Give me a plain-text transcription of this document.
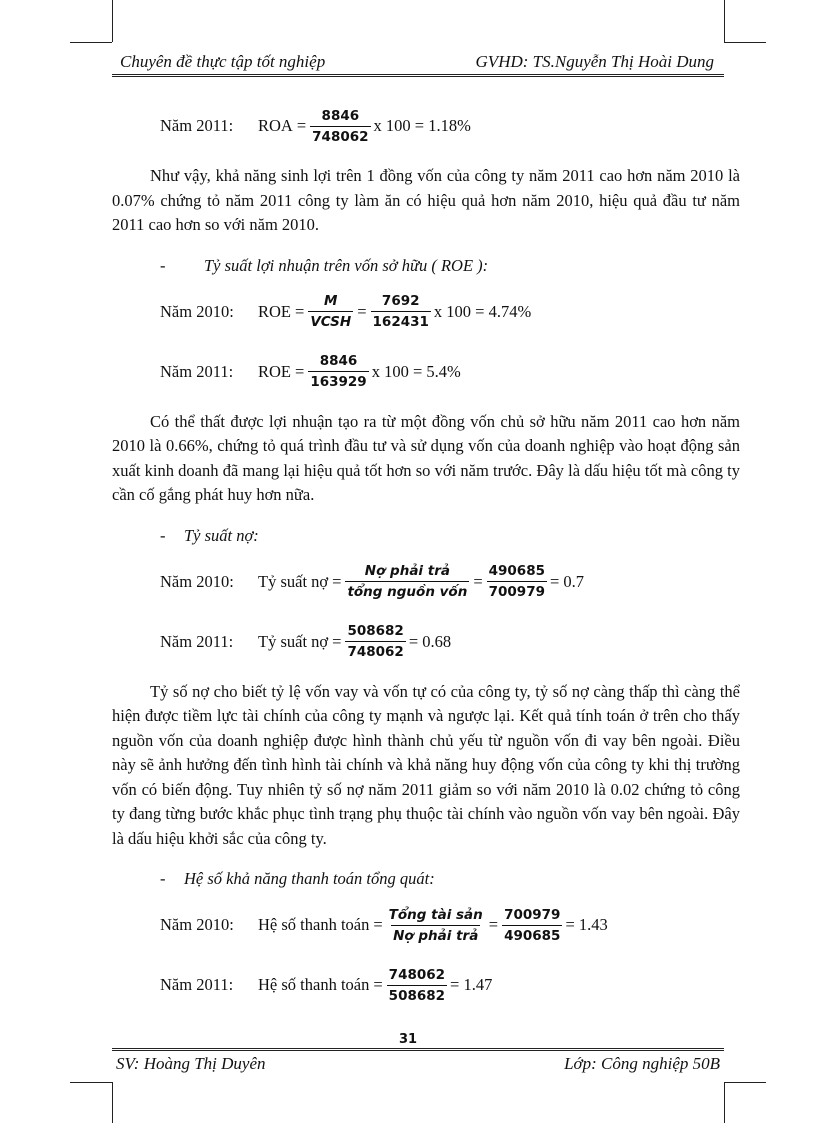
Chuyên đề thực tập tốt nghiệp	GVHD: TS.Nguyễn Thị Hoài Dung
Năm 2011:	ROA = $\frac{8846}{748062}$ x 100 = 1.18%

Như vậy, khả năng sinh lợi trên 1 đồng vốn của công ty năm 2011 cao hơn năm 2010 là 0.07% chứng tỏ năm 2011 công ty làm ăn có hiệu quả hơn năm 2010, hiệu quả đầu tư năm 2011 cao hơn so với năm 2010.

-	Tỷ suất lợi nhuận trên vốn sở hữu ( ROE ):
Năm 2010:	ROE = $\frac{M}{\text{VCSH}} = \frac{7692}{162431}$ x 100 = 4.74%
Năm 2011:	ROE = $\frac{8846}{163929}$ x 100 = 5.4%

Có thể thất được lợi nhuận tạo ra từ một đồng vốn chủ sở hữu năm 2011 cao hơn năm 2010 là 0.66%, chứng tỏ quá trình đầu tư và sử dụng vốn của doanh nghiệp vào hoạt động sản xuất kinh doanh đã mang lại hiệu quả tốt hơn so với năm trước. Đây là dấu hiệu tốt mà công ty cần cố gắng phát huy hơn nữa.

-	Tỷ suất nợ:
Năm 2010:	Tỷ suất nợ = $\frac{\text{Nợ phải trả}}{\text{tổng nguồn vốn}} = \frac{490685}{700979} = 0.7$
Năm 2011:	Tỷ suất nợ = $\frac{508682}{748062} = 0.68$

Tỷ số nợ cho biết tỷ lệ vốn vay và vốn tự có của công ty, tỷ số nợ càng thấp thì càng thể hiện được tiềm lực tài chính của công ty mạnh và ngược lại. Kết quả tính toán ở trên cho thấy nguồn vốn của doanh nghiệp được hình thành chủ yếu từ nguồn vốn đi vay bên ngoài. Điều này sẽ ảnh hưởng đến tình hình tài chính và khả năng huy động vốn của công ty khi thị trường vốn có biến động. Tuy nhiên tỷ số nợ năm 2011 giảm so với năm 2010 là 0.02 chứng tỏ công ty đang từng bước khắc phục tình trạng phụ thuộc tài chính vào nguồn vốn vay bên ngoài. Đây là dấu hiệu khởi sắc của công ty.

-	Hệ số khả năng thanh toán tổng quát:
Năm 2010:	Hệ số thanh toán = $\frac{\text{Tổng tài sản}}{\text{Nợ phải trả}} = \frac{700979}{490685} = 1.43$
Năm 2011:	Hệ số thanh toán = $\frac{748062}{508682} = 1.47$
31
SV: Hoàng Thị Duyên	Lớp: Công nghiệp 50B
